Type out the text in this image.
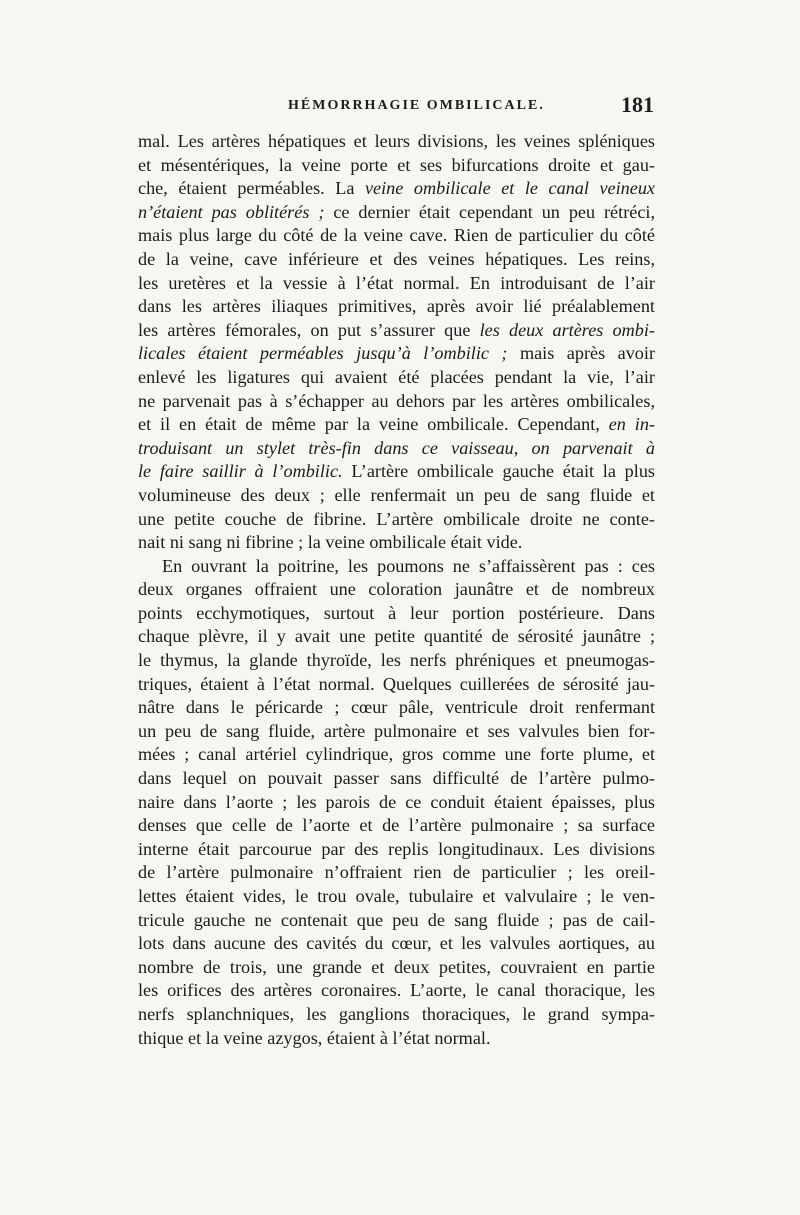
HÉMORRHAGIE OMBILICALE.	181
mal. Les artères hépatiques et leurs divisions, les veines spléniques
et mésentériques, la veine porte et ses bifurcations droite et gau-
che, étaient perméables. La veine ombilicale et le canal veineux
n’étaient pas oblitérés ; ce dernier était cependant un peu rétréci,
mais plus large du côté de la veine cave. Rien de particulier du côté
de la veine, cave inférieure et des veines hépatiques. Les reins,
les uretères et la vessie à l’état normal. En introduisant de l’air
dans les artères iliaques primitives, après avoir lié préalablement
les artères fémorales, on put s’assurer que les deux artères ombi-
licales étaient perméables jusqu’à l’ombilic ; mais après avoir
enlevé les ligatures qui avaient été placées pendant la vie, l’air
ne parvenait pas à s’échapper au dehors par les artères ombilicales,
et il en était de même par la veine ombilicale. Cependant, en in-
troduisant un stylet très-fin dans ce vaisseau, on parvenait à
le faire saillir à l’ombilic. L’artère ombilicale gauche était la plus
volumineuse des deux ; elle renfermait un peu de sang fluide et
une petite couche de fibrine. L’artère ombilicale droite ne conte-
nait ni sang ni fibrine ; la veine ombilicale était vide.
En ouvrant la poitrine, les poumons ne s’affaissèrent pas : ces
deux organes offraient une coloration jaunâtre et de nombreux
points ecchymotiques, surtout à leur portion postérieure. Dans
chaque plèvre, il y avait une petite quantité de sérosité jaunâtre ;
le thymus, la glande thyroïde, les nerfs phréniques et pneumogas-
triques, étaient à l’état normal. Quelques cuillerées de sérosité jau-
nâtre dans le péricarde ; cœur pâle, ventricule droit renfermant
un peu de sang fluide, artère pulmonaire et ses valvules bien for-
mées ; canal artériel cylindrique, gros comme une forte plume, et
dans lequel on pouvait passer sans difficulté de l’artère pulmo-
naire dans l’aorte ; les parois de ce conduit étaient épaisses, plus
denses que celle de l’aorte et de l’artère pulmonaire ; sa surface
interne était parcourue par des replis longitudinaux. Les divisions
de l’artère pulmonaire n’offraient rien de particulier ; les oreil-
lettes étaient vides, le trou ovale, tubulaire et valvulaire ; le ven-
tricule gauche ne contenait que peu de sang fluide ; pas de cail-
lots dans aucune des cavités du cœur, et les valvules aortiques, au
nombre de trois, une grande et deux petites, couvraient en partie
les orifices des artères coronaires. L’aorte, le canal thoracique, les
nerfs splanchniques, les ganglions thoraciques, le grand sympa-
thique et la veine azygos, étaient à l’état normal.
